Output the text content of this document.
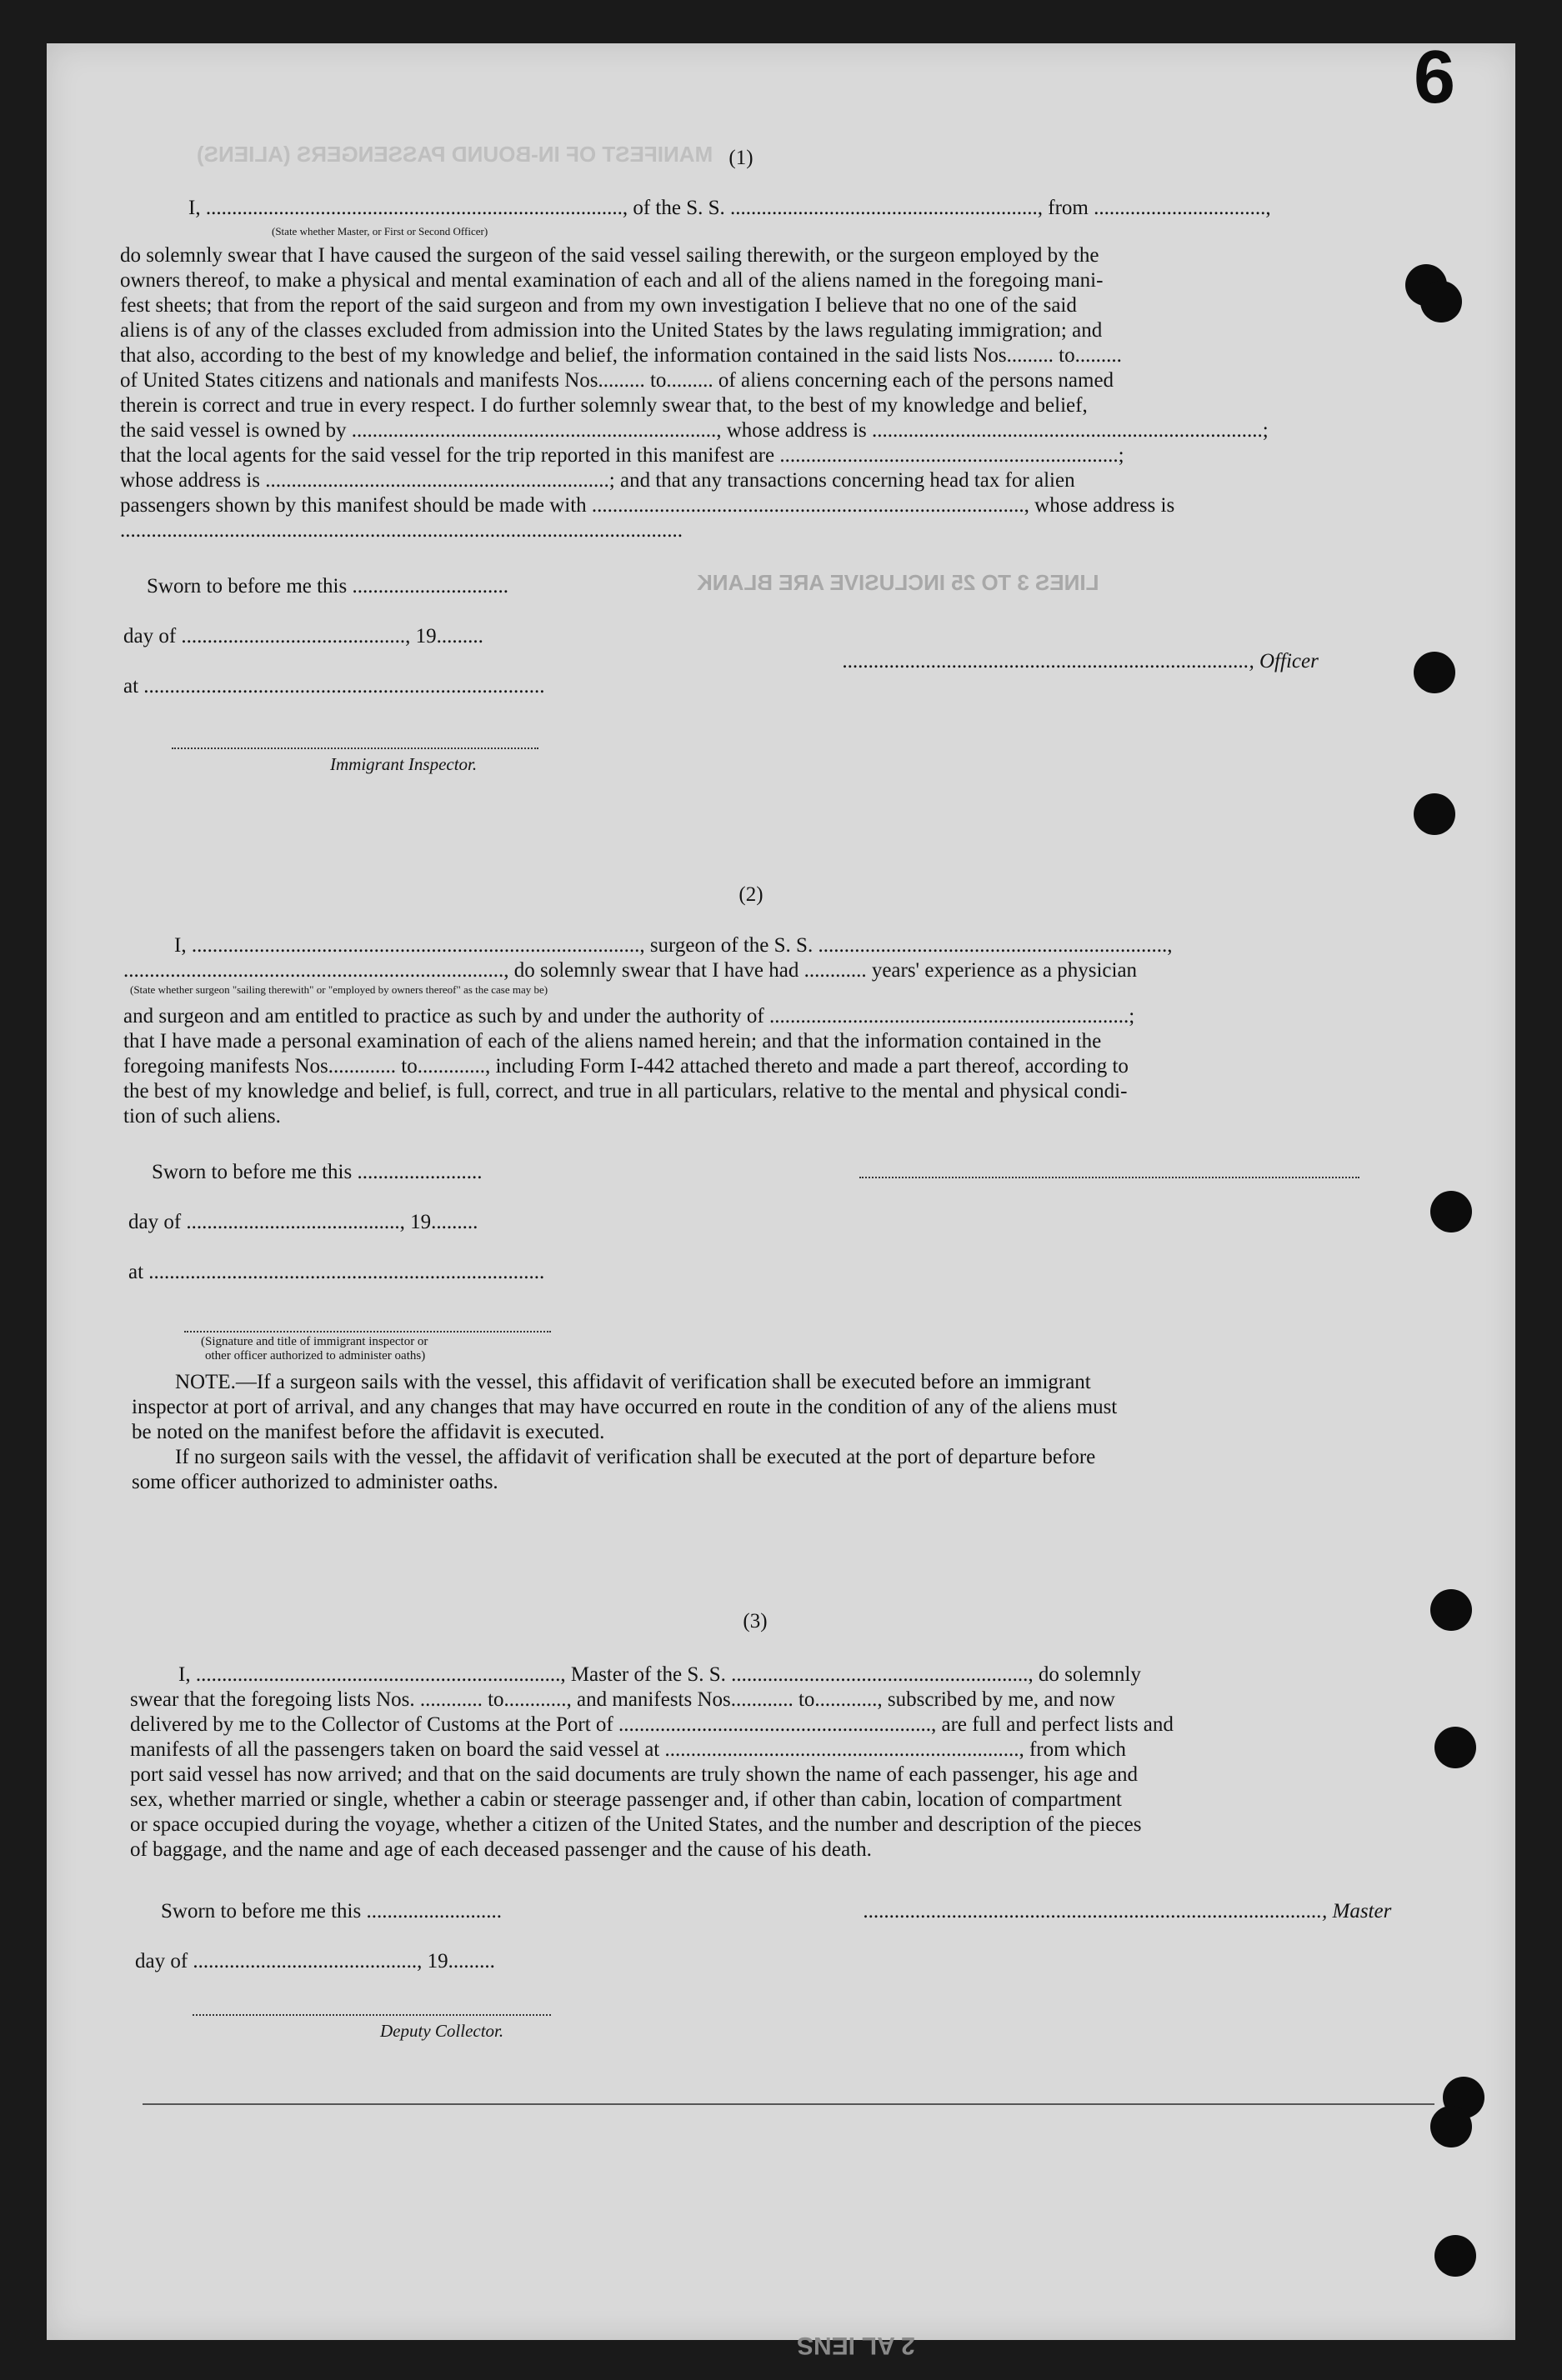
6
MANIFEST OF IN-BOUND PASSENGERS (ALIENS)
LINES 3 TO 25 INCLUSIVE ARE BLANK
(1)
I, ................................................................................, of the S. S. ..........................................................., from .................................,
(State whether Master, or First or Second Officer)

do solemnly swear that I have caused the surgeon of the said vessel sailing therewith, or the surgeon employed by the

owners thereof, to make a physical and mental examination of each and all of the aliens named in the foregoing mani-

fest sheets; that from the report of the said surgeon and from my own investigation I believe that no one of the said

aliens is of any of the classes excluded from admission into the United States by the laws regulating immigration; and

that also, according to the best of my knowledge and belief, the information contained in the said lists Nos......... to.........

of United States citizens and nationals and manifests Nos......... to......... of aliens concerning each of the persons named

therein is correct and true in every respect. I do further solemnly swear that, to the best of my knowledge and belief,

the said vessel is owned by ......................................................................, whose address is ...........................................................................;

that the local agents for the said vessel for the trip reported in this manifest are .................................................................;

whose address is ..................................................................; and that any transactions concerning head tax for alien

passengers shown by this manifest should be made with ..................................................................................., whose address is

............................................................................................................

Sworn to before me this ..............................
day of ..........................................., 19.........
at .............................................................................
.............................................................................., Officer
Immigrant Inspector.
(2)
I, ......................................................................................, surgeon of the S. S. ...................................................................,
........................................................................., do solemnly swear that I have had ............ years' experience as a physician
(State whether surgeon "sailing therewith" or "employed by owners thereof" as the case may be)

and surgeon and am entitled to practice as such by and under the authority of .....................................................................;

that I have made a personal examination of each of the aliens named herein; and that the information contained in the

foregoing manifests Nos............. to............., including Form I-442 attached thereto and made a part thereof, according to

the best of my knowledge and belief, is full, correct, and true in all particulars, relative to the mental and physical condi-

tion of such aliens.

Sworn to before me this ........................
day of ........................................., 19.........
at ............................................................................
(Signature and title of immigrant inspector or
other officer authorized to administer oaths)

NOTE.—If a surgeon sails with the vessel, this affidavit of verification shall be executed before an immigrant

inspector at port of arrival, and any changes that may have occurred en route in the condition of any of the aliens must

be noted on the manifest before the affidavit is executed.

If no surgeon sails with the vessel, the affidavit of verification shall be executed at the port of departure before

some officer authorized to administer oaths.

(3)

I, ......................................................................, Master of the S. S. ........................................................., do solemnly

swear that the foregoing lists Nos. ............ to............, and manifests Nos............ to............, subscribed by me, and now

delivered by me to the Collector of Customs at the Port of ............................................................, are full and perfect lists and

manifests of all the passengers taken on board the said vessel at ...................................................................., from which

port said vessel has now arrived; and that on the said documents are truly shown the name of each passenger, his age and

sex, whether married or single, whether a cabin or steerage passenger and, if other than cabin, location of compartment

or space occupied during the voyage, whether a citizen of the United States, and the number and description of the pieces

of baggage, and the name and age of each deceased passenger and the cause of his death.

Sworn to before me this ..........................	........................................................................................, Master
day of ..........................................., 19.........
Deputy Collector.
2 AL IENS
